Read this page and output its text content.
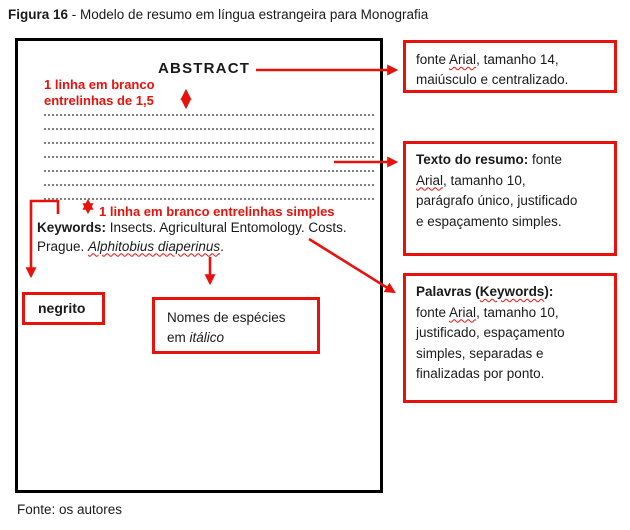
Figura 16 - Modelo de resumo em língua estrangeira para Monografia
ABSTRACT
1 linha em branco
entrelinhas de 1,5
1 linha em branco entrelinhas simples
Keywords: Insects. Agricultural Entomology. Costs.
Prague. Alphitobius diaperinus.
negrito
Nomes de espécies
em itálico
fonte Arial, tamanho 14,
maiúsculo e centralizado.
Texto do resumo: fonte
Arial, tamanho 10,
parágrafo único, justificado
e espaçamento simples.
Palavras (Keywords):
fonte Arial, tamanho 10,
justificado, espaçamento
simples, separadas e
finalizadas por ponto.
Fonte: os autores
